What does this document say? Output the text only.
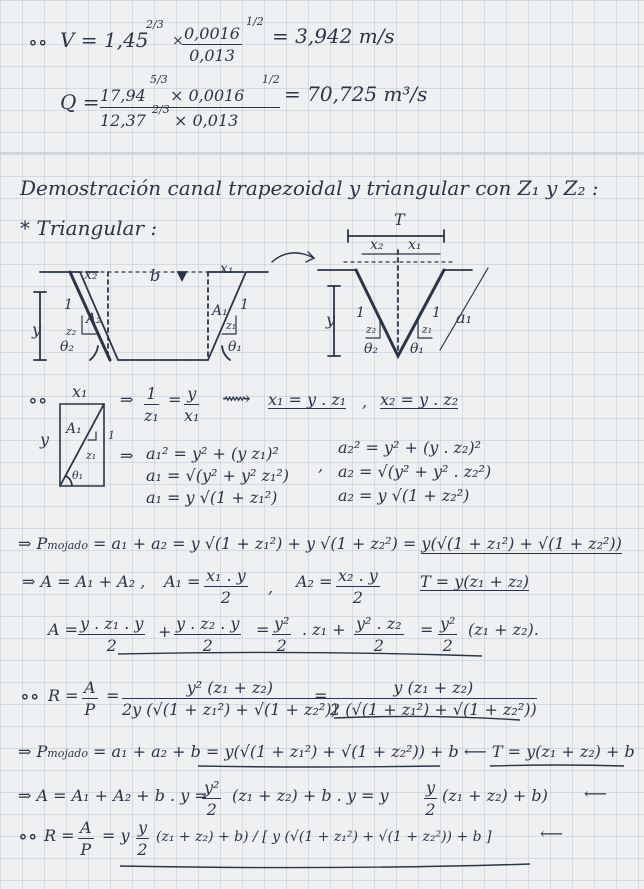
∘∘ V = 1,45
2/3
×
$\frac{0,0016}{0,013}$
1/2
= 3,942 m/s
Q =
5/3
2/3
17,94 × 0,0016
12,37 × 0,013
1/2
= 70,725 m³/s
Demostración canal trapezoidal y triangular con Z₁ y Z₂ :
* Triangular :
x₂	b	x₁
y
A₂	A₁
1	1
z₂	z₁
θ₂	θ₁
T
x₂ x₁
y 1	1
z₂	z₁
θ₂ θ₁
a₁
∘∘ x₁
y
A₁ 1
z₁
θ₁
⇒ $\frac{1}{\text{z₁}} = \frac{y}{\text{x₁}}$ ⟿ x₁ = y . z₁ , x₂ = y . z₂
⇒ a₁² = y² + (y z₁)²
a₁ = √(y² + y² z₁²)
a₁ = y √(1 + z₁²)
,
a₂² = y² + (y . z₂)²
a₂ = √(y² + y² . z₂²)
a₂ = y √(1 + z₂²)
⇒ Pmojado = a₁ + a₂ = y √(1 + z₁²) + y √(1 + z₂²) = y(√(1 + z₁²) + √(1 + z₂²))
⇒ A = A₁ + A₂ , $A_1 = \frac{\text{x₁ . y}}{2}$ , $A_2 = \frac{\text{x₂ . y}}{2}$	T = y(z₁ + z₂)
$A = \frac{\text{y . z₁ . y}}{2} + \frac{\text{y . z₂ . y}}{2} = \frac{\text{y²}}{2}$ . $z_1 + \frac{\text{y² . z₂}}{2} = \frac{\text{y²}}{2} (z_1 + z_2)$.
∘∘ $R = \frac{A}{P} = \frac{\text{y² (z₁ + z₂)}}{\text{2y (√(1 + z₁²) + √(1 + z₂²))}}$
= $\frac{\text{y (z₁ + z₂)}}{\text{2 (√(1 + z₁²) + √(1 + z₂²))}}$
⇒ Pmojado = a₁ + a₂ + b = y(√(1 + z₁²) + √(1 + z₂²)) + b ⟵ T = y(z₁ + z₂) + b
⇒ A = A₁ + A₂ + b . y =
$\frac{\text{y²}}{2} (z_1 + z_2) + b$ . y = y $\frac{y}{2} (z_1 + z_2) + b$) ⟵
∘∘ $R = \frac{A}{P} = y \frac{y}{2} (z_1 + z_2) + b$) / [ y (√(1 + z₁²) + √(1 + z₂²)) + b ]	⟵
